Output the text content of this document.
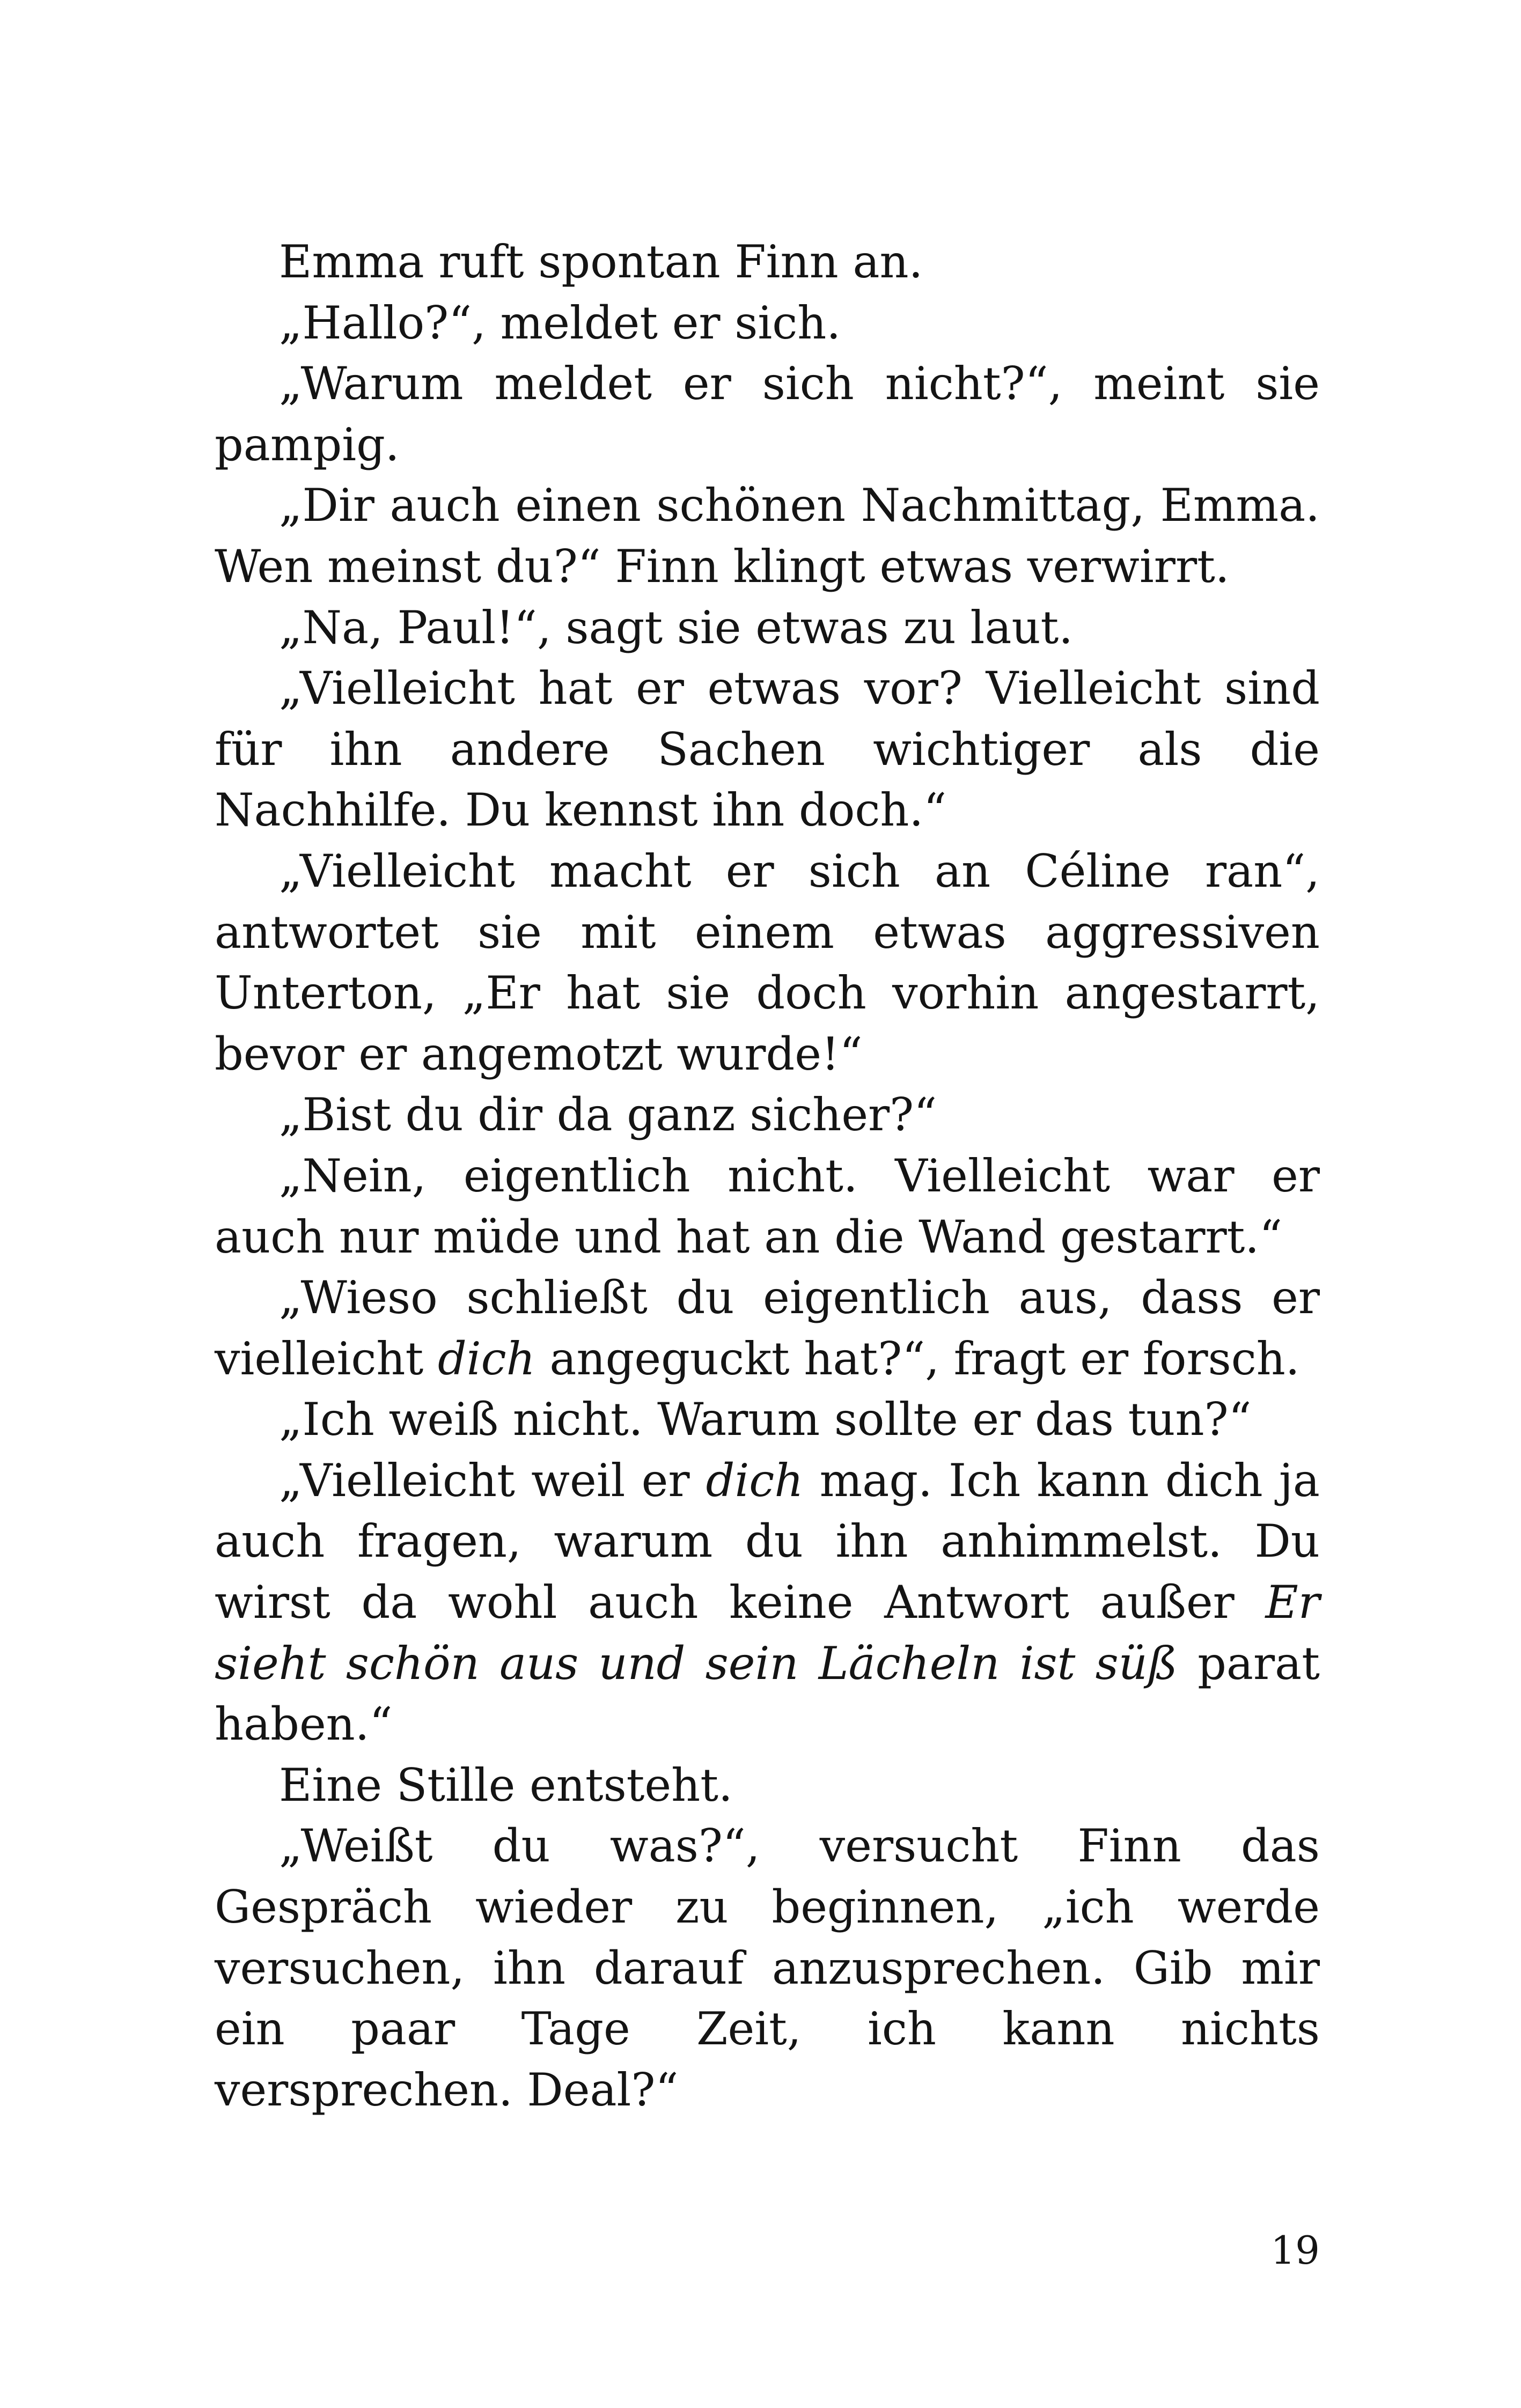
Emma ruft spontan Finn an.

„Hallo?“, meldet er sich.

„Warum meldet er sich nicht?“, meint sie pampig.

„Dir auch einen schönen Nachmittag, Emma. Wen meinst du?“ Finn klingt etwas verwirrt.

„Na, Paul!“, sagt sie etwas zu laut.

„Vielleicht hat er etwas vor? Vielleicht sind für ihn andere Sachen wichtiger als die Nachhilfe. Du kennst ihn doch.“

„Vielleicht macht er sich an Céline ran“, antwortet sie mit einem etwas aggressiven Unterton, „Er hat sie doch vorhin angestarrt, bevor er angemotzt wurde!“

„Bist du dir da ganz sicher?“

„Nein, eigentlich nicht. Vielleicht war er auch nur müde und hat an die Wand gestarrt.“

„Wieso schließt du eigentlich aus, dass er vielleicht dich angeguckt hat?“, fragt er forsch.

„Ich weiß nicht. Warum sollte er das tun?“

„Vielleicht weil er dich mag. Ich kann dich ja auch fragen, warum du ihn anhimmelst. Du wirst da wohl auch keine Antwort außer Er sieht schön aus und sein Lächeln ist süß parat haben.“

Eine Stille entsteht.

„Weißt du was?“, versucht Finn das Gespräch wieder zu beginnen, „ich werde versuchen, ihn darauf anzusprechen. Gib mir ein paar Tage Zeit, ich kann nichts versprechen. Deal?“

19
